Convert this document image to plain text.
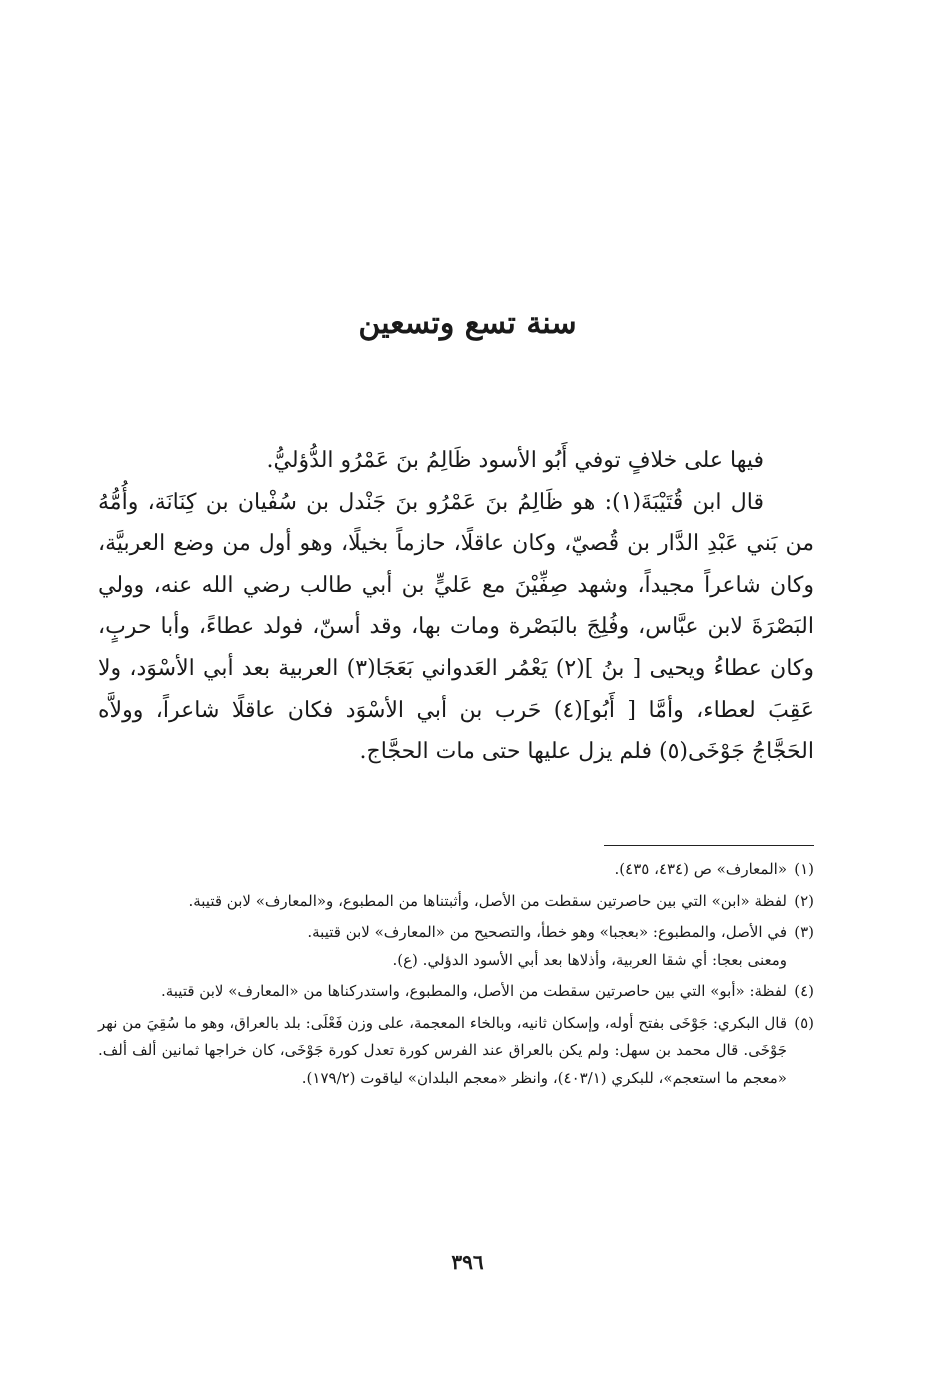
سنة تسع وتسعين

فيها على خلافٍ توفي أَبُو الأسود ظَالِمُ بنَ عَمْرُو الدُّؤليُّ.

قال ابن قُتَيْبَةَ(١): هو ظَالِمُ بنَ عَمْرُو بنَ جَنْدل بن سُفْيان بن كِنَانَة، وأُمُّهُ من بَني عَبْدِ الدَّار بن قُصيّ، وكان عاقلًا، حازماً بخيلًا، وهو أول من وضع العربيَّة، وكان شاعراً مجيداً، وشهد صِفِّيْنَ مع عَليٍّ بن أبي طالب رضي الله عنه، وولي البَصْرَةَ لابن عبَّاس، وفُلِجَ بالبَصْرة ومات بها، وقد أسنّ، فولد عطاءً، وأبا حربٍ، وكان عطاءُ ويحيى [ بنُ ](٢) يَعْمُر العَدواني بَعَجَا(٣) العربية بعد أبي الأسْوَد، ولا عَقِبَ لعطاء، وأمَّا [ أَبُو](٤) حَرب بن أبي الأسْوَد فكان عاقلًا شاعراً، وولاَّه الحَجَّاجُ جَوْخَى(٥) فلم يزل عليها حتى مات الحجَّاج.

(١)
«المعارف» ص (٤٣٤، ٤٣٥).

(٢)
لفظة «ابن» التي بين حاصرتين سقطت من الأصل، وأثبتناها من المطبوع، و«المعارف» لابن قتيبة.

(٣)
في الأصل، والمطبوع: «بعجبا» وهو خطأ، والتصحيح من «المعارف» لابن قتيبة.
ومعنى بعجا: أي شقا العربية، وأذلاها بعد أبي الأسود الدؤلي. (ع).

(٤)
لفظة: «أبو» التي بين حاصرتين سقطت من الأصل، والمطبوع، واستدركناها من «المعارف» لابن قتيبة.

(٥)
قال البكري: جَوْخَى بفتح أوله، وإسكان ثانيه، وبالخاء المعجمة، على وزن فَعْلَى: بلد بالعراق، وهو ما سُقِيَ من نهر جَوْخَى. قال محمد بن سهل: ولم يكن بالعراق عند الفرس كورة تعدل كورة جَوْخَى، كان خراجها ثمانين ألف ألف. «معجم ما استعجم»، للبكري (٤٠٣/١)، وانظر «معجم البلدان» لياقوت (١٧٩/٢).

٣٩٦
